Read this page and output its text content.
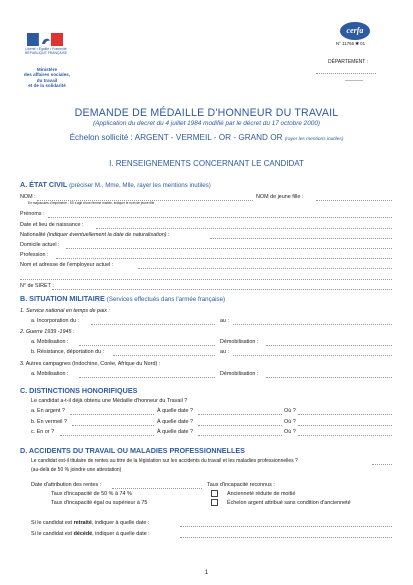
Liberté • Égalité • Fraternité
RÉPUBLIQUE FRANÇAISE
Ministère
des affaires sociales,
du travail
et de la solidarité
cerfa
N° 11766 ✱ 01
DÉPARTEMENT :
DEMANDE DE MÉDAILLE D'HONNEUR DU TRAVAIL
(Application du decret du 4 juillet 1984 modifié par le décret du 17 octobre 2000)
Échelon sollicité : ARGENT - VERMEIL - OR - GRAND OR (rayer les mentions inutiles)
I. RENSEIGNEMENTS CONCERNANT LE CANDIDAT
A. ÉTAT CIVIL (préciser M., Mme, Mlle, rayer les mentions inutiles)
NOM :	NOM de jeune fille :
En majuscules d'imprimerie - S'il s'agit d'une femme mariée, indiquer le nom de jeune fille
Prénoms :
Date et lieu de naissance :
Nationalité (indiquer éventuellement la date de naturalisation) :
Domicile actuel :
Profession :
Nom et adresse de l'employeur actuel :
N° de SIRET :
B. SITUATION MILITAIRE (Services effectués dans l'armée française)
1. Service national en temps de paix :
a. Incorporation du :	au :
2. Guerre 1939 -1945 :
a. Mobilisation :	Démobilisation :
b. Résistance, déportation du :	au :
3. Autres campagnes (Indochine, Corée, Afrique du Nord) :
a. Mobilisation :	Démobilisation :
C. DISTINCTIONS HONORIFIQUES
Le candidat a-t-il déjà obtenu une Médaille d'honneur du Travail ?
a. En argent ?	À quelle date ?	Où ?
b. En vermeil ?	À quelle date ?	Où ?
c. En or ?	À quelle date ?	Où ?
D. ACCIDENTS DU TRAVAIL OU MALADIES PROFESSIONNELLES
Le candidat est-il titulaire de rentes au titre de la législation sur les accidents du travail et les maladies professionnelles ?
(au-delà de 50 % joindre une attestation)
Date d'attribution des rentes :	Taux d'incapacité reconnus :
Taux d'incapacité de 50 % à 74 %	Ancienneté réduite de moitié
Taux d'incapacité égal ou supérieur à 75	Échelon argent attribué sans condition d'ancienneté
Si le candidat est retraité, indiquer à quelle date :
Si le candidat est décédé, indiquer à quelle date :
1
